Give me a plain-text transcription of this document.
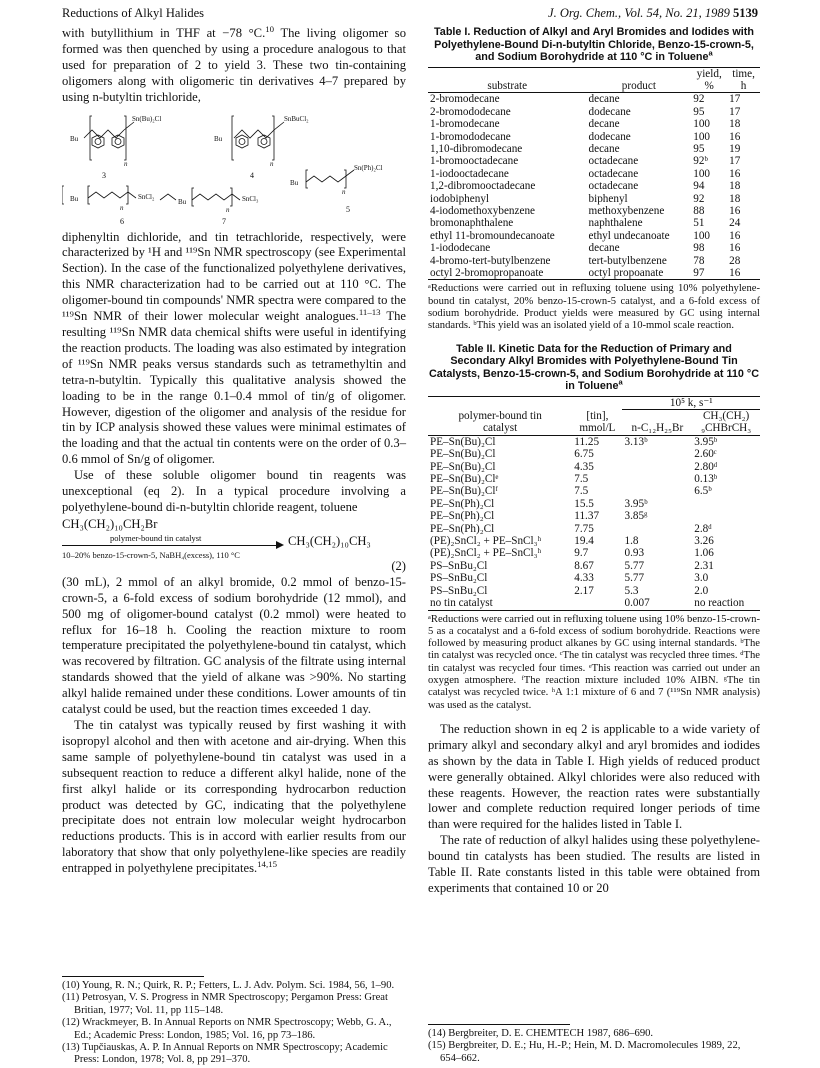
Reductions of Alkyl Halides	J. Org. Chem., Vol. 54, No. 21, 1989 5139

with butyllithium in THF at −78 °C.$^{10}$ The living oligomer so formed was then quenched by using a procedure analogous to that used for preparation of 2 to yield 3. These two tin-containing oligomers along with oligomeric tin derivatives 4–7 prepared by using n-butyltin trichloride,

Bu
Sn(Bu)₂Cl
n
3
Bu
SnBuCl₂
n
4
Bu
Sn(Ph)₂Cl
n
5
Bu	SnCl₂
n
6
Bu	SnCl₃
n
7

diphenyltin dichloride, and tin tetrachloride, respectively, were characterized by ¹H and ¹¹⁹Sn NMR spectroscopy (see Experimental Section). In the case of the functionalized polyethylene derivatives, this NMR characterization had to be carried out at 110 °C. The oligomer-bound tin compounds' NMR spectra were compared to the ¹¹⁹Sn NMR of their lower molecular weight analogues.$^{11-13}$ The resulting ¹¹⁹Sn NMR data chemical shifts were useful in identifying the reaction products. The loading was also estimated by integration of ¹¹⁹Sn NMR peaks versus standards such as tetramethyltin and tetra-n-butyltin. Typically this qualitative analysis showed the loading to be in the range 0.1–0.4 mmol of tin/g of oligomer. However, digestion of the oligomer and analysis of the residue for tin by ICP analysis showed these values were minimal estimates of the loading and that the actual tin contents were on the order of 0.3–0.6 mmol of Sn/g of oligomer.

Use of these soluble oligomer bound tin reagents was unexceptional (eq 2). In a typical procedure involving a polyethylene-bound di-n-butyltin chloride reagent, toluene

CH₃(CH₂)₁₀CH₂Br
polymer-bound tin catalyst
10–20% benzo-15-crown-5, NaBH₄(excess), 110 °C
CH₃(CH₂)₁₀CH₃
(2)

(30 mL), 2 mmol of an alkyl bromide, 0.2 mmol of benzo-15-crown-5, a 6-fold excess of sodium borohydride (12 mmol), and 500 mg of oligomer-bound catalyst (0.2 mmol) were heated to reflux for 16–18 h. Cooling the reaction mixture to room temperature precipitated the polyethylene-bound tin catalyst, which was recovered by filtration. GC analysis of the filtrate using internal standards showed that the yield of alkane was >90%. No starting alkyl halide remained under these conditions. Lower amounts of tin catalyst could be used, but the reaction times exceeded 1 day.

The tin catalyst was typically reused by first washing it with isopropyl alcohol and then with acetone and air-drying. When this same sample of polyethylene-bound tin catalyst was used in a subsequent reaction to reduce a different alkyl halide, none of the first alkyl halide or its corresponding hydrocarbon reduction product was detected by GC, indicating that the polyethylene precipitate does not entrain low molecular weight hydrocarbon reductions products. This is in accord with earlier results from our laboratory that show that only polyethylene-like species are readily entrapped in polyethylene precipitates.$^{14,15}$

(10) Young, R. N.; Quirk, R. P.; Fetters, L. J. Adv. Polym. Sci. 1984, 56, 1–90.
(11) Petrosyan, V. S. Progress in NMR Spectroscopy; Pergamon Press: Great Britian, 1977; Vol. 11, pp 115–148.
(12) Wrackmeyer, B. In Annual Reports on NMR Spectroscopy; Webb, G. A., Ed.; Academic Press: London, 1985; Vol. 16, pp 73–186.
(13) Tupčiauskas, A. P. In Annual Reports on NMR Spectroscopy; Academic Press: London, 1978; Vol. 8, pp 291–370.
Table I. Reduction of Alkyl and Aryl Bromides and Iodides with Polyethylene-Bound Di-n-butyltin Chloride, Benzo-15-crown-5, and Sodium Borohydride at 110 °C in Toluene$^a$
		yield,	time,
substrate	product	%	h
2-bromodecane	decane	92	17
2-bromododecane	dodecane	95	17
1-bromodecane	decane	100	18
1-bromododecane	dodecane	100	16
1,10-dibromodecane	decane	95	19
1-bromooctadecane	octadecane	92ᵇ	17
1-iodooctadecane	octadecane	100	16
1,2-dibromooctadecane	octadecane	94	18
iodobiphenyl	biphenyl	92	18
4-iodomethoxybenzene	methoxybenzene	88	16
bromonaphthalene	naphthalene	51	24
ethyl 11-bromoundecanoate	ethyl undecanoate	100	16
1-iododecane	decane	98	16
4-bromo-tert-butylbenzene	tert-butylbenzene	78	28
octyl 2-bromopropanoate	octyl propoanate	97	16
ᵃReductions were carried out in refluxing toluene using 10% polyethylene-bound tin catalyst, 20% benzo-15-crown-5 catalyst, and a 6-fold excess of sodium borohydride. Product yields were measured by GC using internal standards. ᵇThis yield was an isolated yield of a 10-mmol scale reaction.
Table II. Kinetic Data for the Reduction of Primary and Secondary Alkyl Bromides with Polyethylene-Bound Tin Catalysts, Benzo-15-crown-5, and Sodium Borohydride at 110 °C in Toluene$^a$
		10⁵ k, s⁻¹	
polymer-bound tin	[tin],		CH₃(CH₂)
catalyst	mmol/L	n-C₁₂H₂₅Br	₉CHBrCH₃
PE–Sn(Bu)₂Cl	11.25	3.13ᵇ	3.95ᵇ
PE–Sn(Bu)₂Cl	6.75		2.60ᶜ
PE–Sn(Bu)₂Cl	4.35		2.80ᵈ
PE–Sn(Bu)₂Clᵉ	7.5		0.13ᵇ
PE–Sn(Bu)₂Clᶠ	7.5		6.5ᵇ
PE–Sn(Ph)₂Cl	15.5	3.95ᵇ	
PE–Sn(Ph)₂Cl	11.37	3.85ᵍ	
PE–Sn(Ph)₂Cl	7.75		2.8ᵈ
(PE)₂SnCl₂ + PE–SnCl₃ʰ	19.4	1.8	3.26
(PE)₂SnCl₂ + PE–SnCl₃ʰ	9.7	0.93	1.06
PS–SnBu₂Cl	8.67	5.77	2.31
PS–SnBu₂Cl	4.33	5.77	3.0
PS–SnBu₂Cl	2.17	5.3	2.0
no tin catalyst		0.007	no reaction
ᵃReductions were carried out in refluxing toluene using 10% benzo-15-crown-5 as a cocatalyst and a 6-fold excess of sodium borohydride. Reactions were followed by measuring product alkanes by GC using internal standards. ᵇThe tin catalyst was recycled once. ᶜThe tin catalyst was recycled three times. ᵈThe tin catalyst was recycled four times. ᵉThis reaction was carried out under an oxygen atmosphere. ᶠThe reaction mixture included 10% AIBN. ᵍThe tin catalyst was recycled twice. ʰA 1:1 mixture of 6 and 7 (¹¹⁹Sn NMR analysis) was used as the catalyst.

The reduction shown in eq 2 is applicable to a wide variety of primary alkyl and secondary alkyl and aryl bromides and iodides as shown by the data in Table I. High yields of reduced product were generally obtained. Alkyl chlorides were also reduced with these reagents. However, the reaction rates were substantially lower and complete reduction required longer periods of time than were required for the halides listed in Table I.

The rate of reduction of alkyl halides using these polyethylene-bound tin catalysts has been studied. The results are listed in Table II. Rate constants listed in this table were obtained from experiments that contained 10 or 20

(14) Bergbreiter, D. E. CHEMTECH 1987, 686–690.
(15) Bergbreiter, D. E.; Hu, H.-P.; Hein, M. D. Macromolecules 1989, 22, 654–662.
